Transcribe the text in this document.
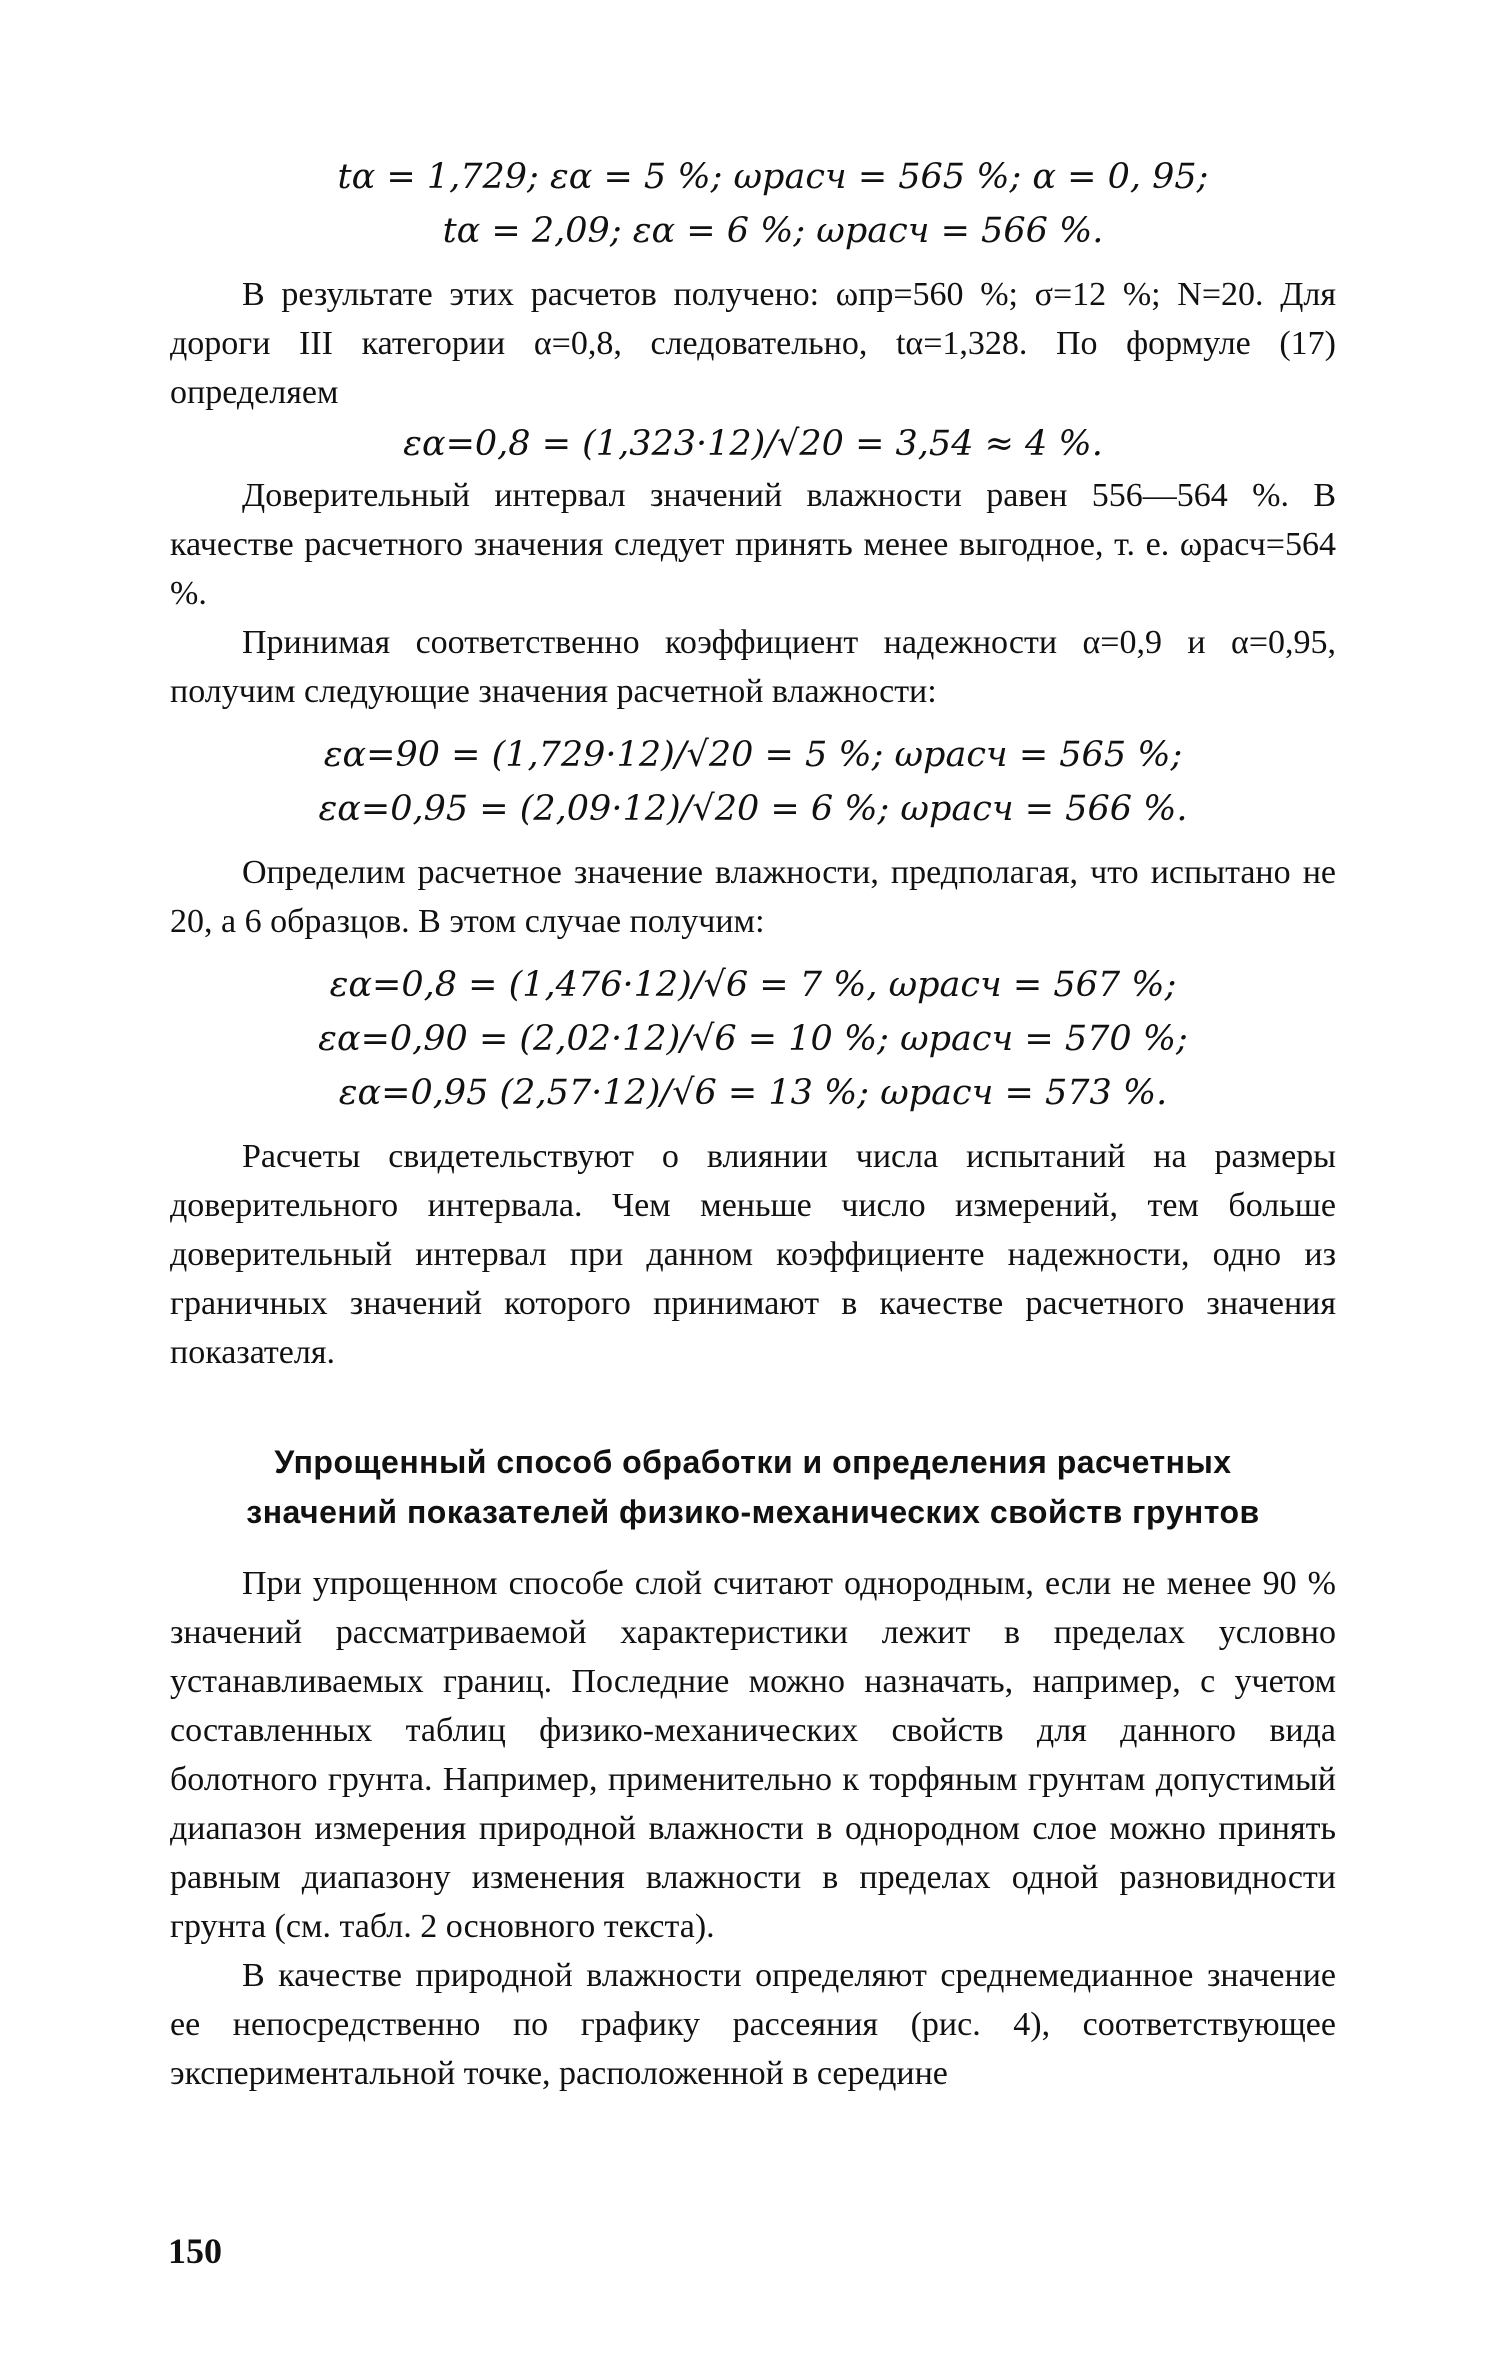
tα = 1,729; εα = 5 %; ωрасч = 565 %; α = 0, 95;
tα = 2,09; εα = 6 %; ωрасч = 566 %.

В результате этих расчетов получено: ωпр=560 %; σ=12 %; N=20. Для дороги III категории α=0,8, следовательно, tα=1,328. По формуле (17) определяем

εα=0,8 = (1,323·12)/√20 = 3,54 ≈ 4 %.

Доверительный интервал значений влажности равен 556—564 %. В качестве расчетного значения следует принять менее выгодное, т. е. ωрасч=564 %.

Принимая соответственно коэффициент надежности α=0,9 и α=0,95, получим следующие значения расчетной влажности:

εα=90 = (1,729·12)/√20 = 5 %; ωрасч = 565 %;
εα=0,95 = (2,09·12)/√20 = 6 %; ωрасч = 566 %.

Определим расчетное значение влажности, предполагая, что испытано не 20, а 6 образцов. В этом случае получим:

εα=0,8 = (1,476·12)/√6 = 7 %, ωрасч = 567 %;
εα=0,90 = (2,02·12)/√6 = 10 %; ωрасч = 570 %;
εα=0,95 (2,57·12)/√6 = 13 %; ωрасч = 573 %.

Расчеты свидетельствуют о влиянии числа испытаний на размеры доверительного интервала. Чем меньше число измерений, тем больше доверительный интервал при данном коэффициенте надежности, одно из граничных значений которого принимают в качестве расчетного значения показателя.

Упрощенный способ обработки и определения расчетных
значений показателей физико-механических свойств грунтов

При упрощенном способе слой считают однородным, если не менее 90 % значений рассматриваемой характеристики лежит в пределах условно устанавливаемых границ. Последние можно назначать, например, с учетом составленных таблиц физико-механических свойств для данного вида болотного грунта. Например, применительно к торфяным грунтам допустимый диапазон измерения природной влажности в однородном слое можно принять равным диапазону изменения влажности в пределах одной разновидности грунта (см. табл. 2 основного текста).

В качестве природной влажности определяют среднемедианное значение ее непосредственно по графику рассеяния (рис. 4), соответствующее экспериментальной точке, расположенной в середине

150
